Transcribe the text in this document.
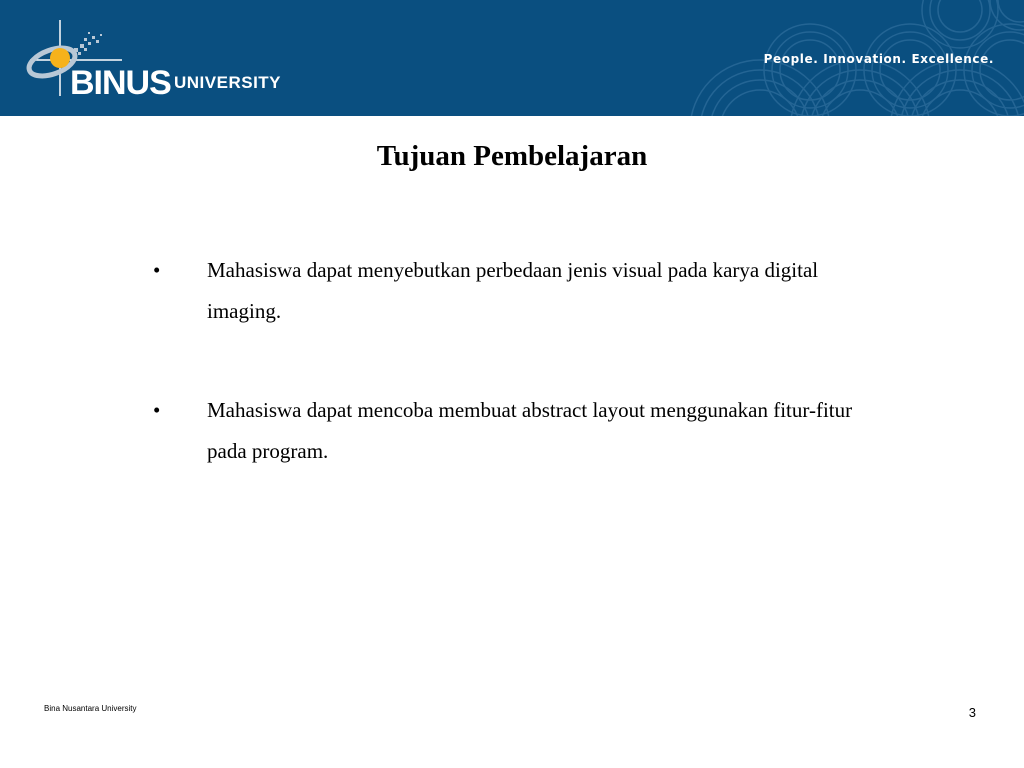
BINUS UNIVERSITY
People. Innovation. Excellence.
Tujuan Pembelajaran
• Mahasiswa dapat menyebutkan perbedaan jenis visual pada karya digital imaging.
• Mahasiswa dapat mencoba membuat abstract layout menggunakan fitur-fitur pada program.
Bina Nusantara University	3
